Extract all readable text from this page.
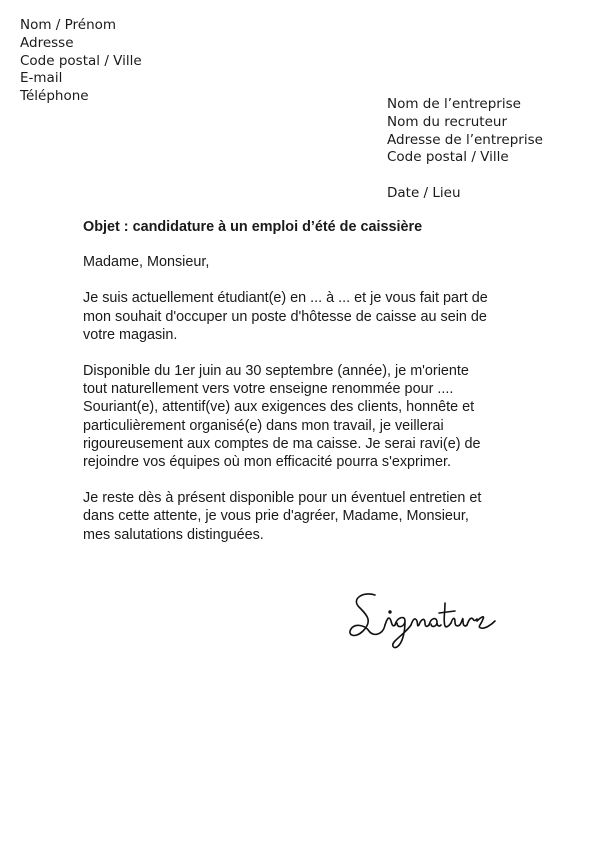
Nom / Prénom
Adresse
Code postal / Ville
E-mail
Téléphone	Nom de l’entreprise
Nom du recruteur
Adresse de l’entreprise
Code postal / Ville
Date / Lieu
Objet : candidature à un emploi d’été de caissière
Madame, Monsieur,
Je suis actuellement étudiant(e) en ... à ... et je vous fait part de
mon souhait d'occuper un poste d'hôtesse de caisse au sein de
votre magasin.
Disponible du 1er juin au 30 septembre (année), je m'oriente
tout naturellement vers votre enseigne renommée pour ....
Souriant(e), attentif(ve) aux exigences des clients, honnête et
particulièrement organisé(e) dans mon travail, je veillerai
rigoureusement aux comptes de ma caisse. Je serai ravi(e) de
rejoindre vos équipes où mon efficacité pourra s'exprimer.
Je reste dès à présent disponible pour un éventuel entretien et
dans cette attente, je vous prie d'agréer, Madame, Monsieur,
mes salutations distinguées.
